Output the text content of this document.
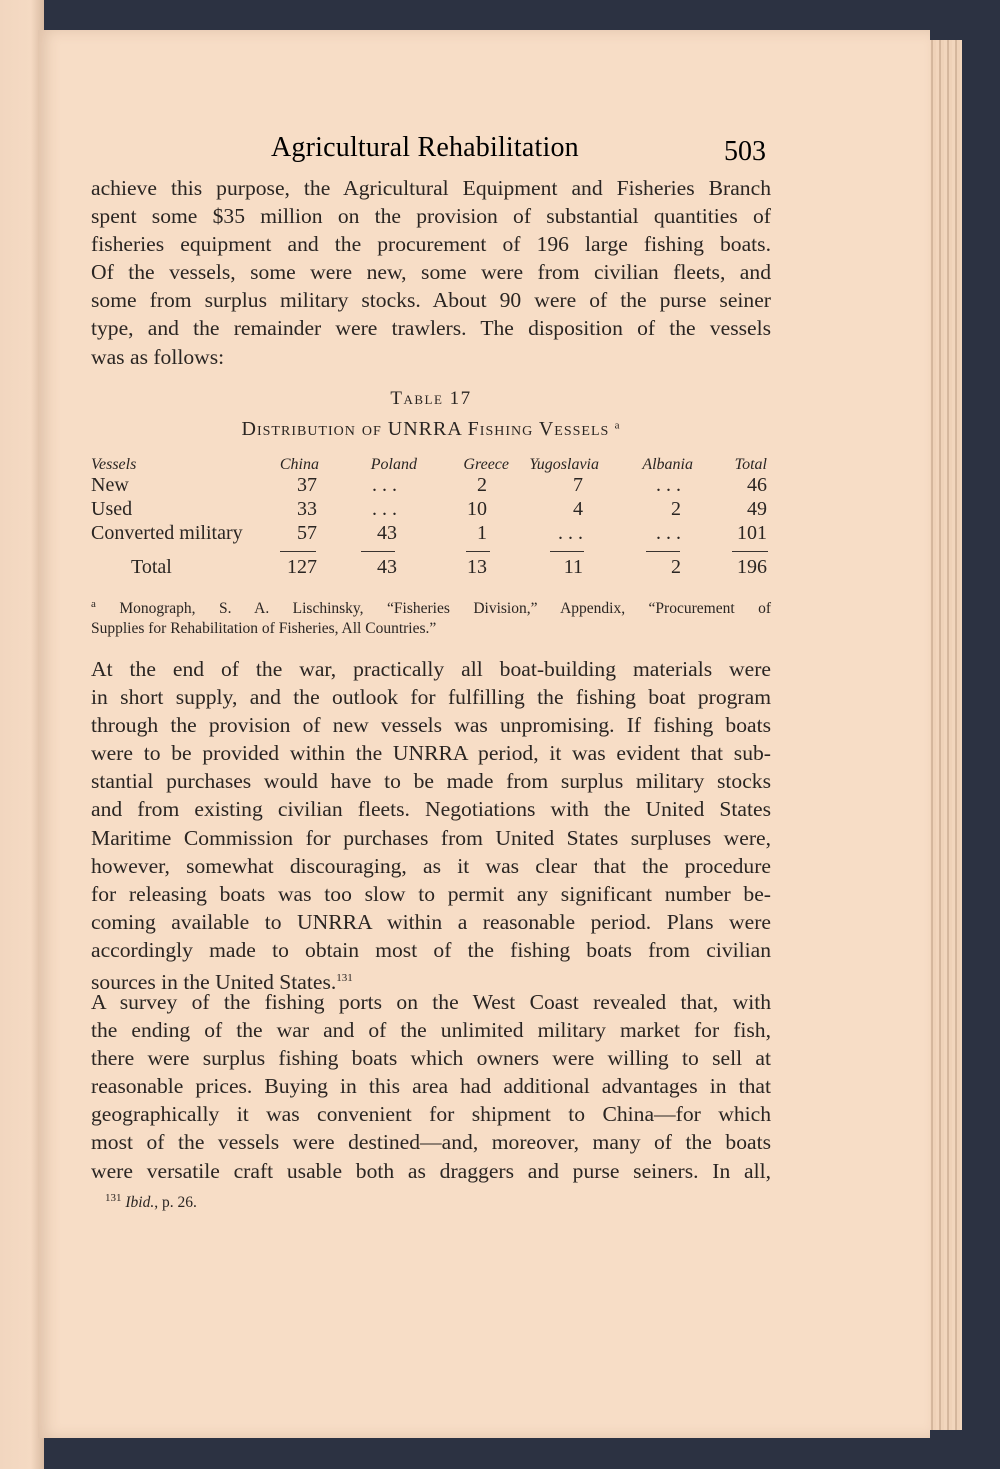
Agricultural Rehabilitation	503
achieve this purpose, the Agricultural Equipment and Fisheries Branch
spent some $35 million on the provision of substantial quantities of
fisheries equipment and the procurement of 196 large fishing boats.
Of the vessels, some were new, some were from civilian fleets, and
some from surplus military stocks. About 90 were of the purse seiner
type, and the remainder were trawlers. The disposition of the vessels
was as follows:
Table 17
Distribution of UNRRA Fishing Vessels $^a$
Vessels	China	Poland	Greece	Yugoslavia	Albania	Total
New	37	. . .	2	7	. . .	46
Used	33	. . .	10	4	2	49
Converted military	57	43	1	. . .	. . .	101
Total	127	43	13	11	2	196
$^a$ Monograph, S. A. Lischinsky, “Fisheries Division,” Appendix, “Procurement of
Supplies for Rehabilitation of Fisheries, All Countries.”
At the end of the war, practically all boat-building materials were
in short supply, and the outlook for fulfilling the fishing boat program
through the provision of new vessels was unpromising. If fishing boats
were to be provided within the UNRRA period, it was evident that sub-
stantial purchases would have to be made from surplus military stocks
and from existing civilian fleets. Negotiations with the United States
Maritime Commission for purchases from United States surpluses were,
however, somewhat discouraging, as it was clear that the procedure
for releasing boats was too slow to permit any significant number be-
coming available to UNRRA within a reasonable period. Plans were
accordingly made to obtain most of the fishing boats from civilian
sources in the United States.$^{131}$
A survey of the fishing ports on the West Coast revealed that, with
the ending of the war and of the unlimited military market for fish,
there were surplus fishing boats which owners were willing to sell at
reasonable prices. Buying in this area had additional advantages in that
geographically it was convenient for shipment to China—for which
most of the vessels were destined—and, moreover, many of the boats
were versatile craft usable both as draggers and purse seiners. In all,
$^{131}$ Ibid., p. 26.
